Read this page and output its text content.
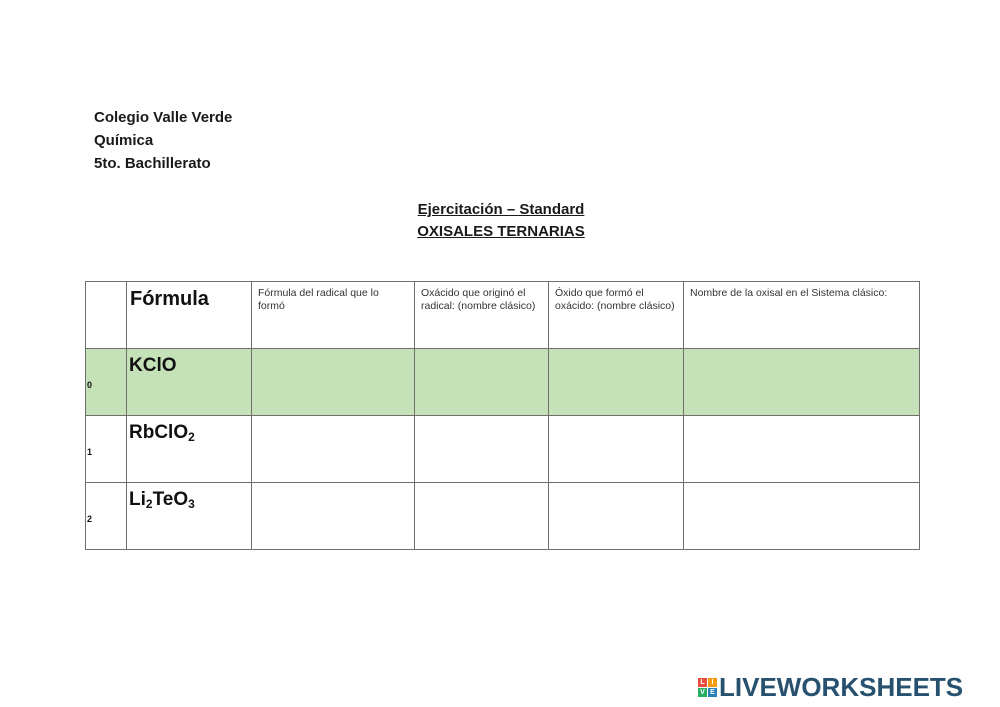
Colegio Valle Verde
Química
5to. Bachillerato
Ejercitación – Standard
OXISALES TERNARIAS
	Fórmula	Fórmula del radical que lo formó	Oxácido que originó el radical: (nombre clásico)	Óxido que formó el oxácido: (nombre clásico)	Nombre de la oxisal en el Sistema clásico:

0	KClO				

1	RbClO$_2$				

2	$Li_2TeO_3$				
L I
V E LIVEWORKSHEETS
